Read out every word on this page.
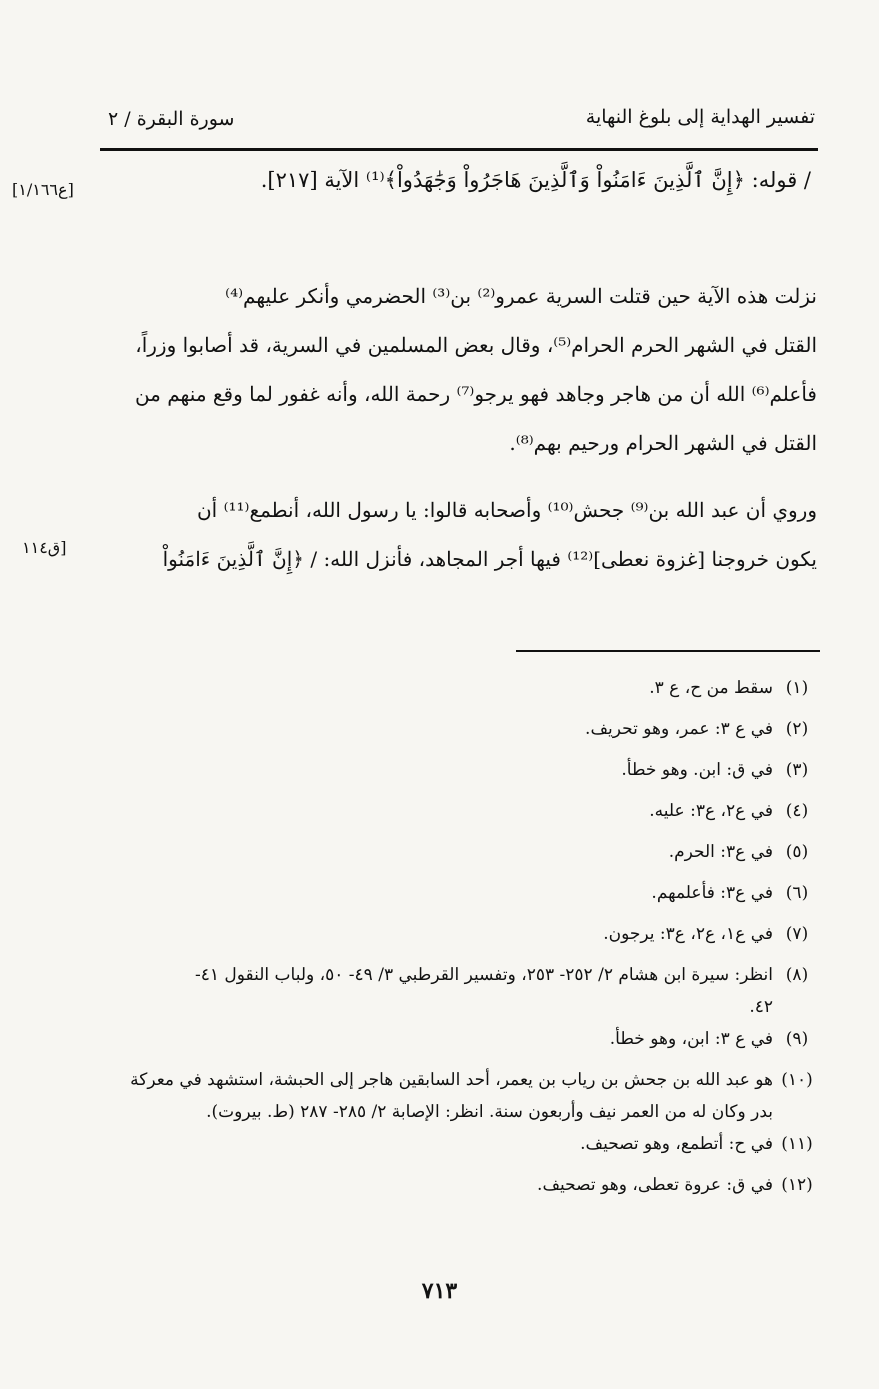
تفسير الهداية إلى بلوغ النهاية
سورة البقرة / ٢
/ قوله: ﴿إِنَّ ٱلَّذِينَ ءَامَنُواْ وَٱلَّذِينَ هَاجَرُواْ وَجَٰهَدُواْ﴾⁽¹⁾ الآية [٢١٧].
[ع١/١٦٦]
نزلت هذه الآية حين قتلت السرية عمرو⁽²⁾ بن⁽³⁾ الحضرمي وأنكر عليهم⁽⁴⁾
القتل في الشهر الحرم الحرام⁽⁵⁾، وقال بعض المسلمين في السرية، قد أصابوا وزراً،
فأعلم⁽⁶⁾ الله أن من هاجر وجاهد فهو يرجو⁽⁷⁾ رحمة الله، وأنه غفور لما وقع منهم من
القتل في الشهر الحرام ورحيم بهم⁽⁸⁾.
وروي أن عبد الله بن⁽⁹⁾ جحش⁽¹⁰⁾ وأصحابه قالوا: يا رسول الله، أنطمع⁽¹¹⁾ أن
يكون خروجنا [غزوة نعطى]⁽¹²⁾ فيها أجر المجاهد، فأنزل الله: / ﴿إِنَّ ٱلَّذِينَ ءَامَنُواْ
[ق١١٤
(١)
سقط من ح، ع ٣.
(٢)
في ع ٣: عمر، وهو تحريف.
(٣)
في ق: ابن. وهو خطأ.
(٤)
في ع٢، ع٣: عليه.
(٥)
في ع٣: الحرم.
(٦)
في ع٣: فأعلمهم.
(٧)
في ع١، ع٢، ع٣: يرجون.
(٨)
انظر: سيرة ابن هشام ٢/ ٢٥٢- ٢٥٣، وتفسير القرطبي ٣/ ٤٩- ٥٠، ولباب النقول ٤١-
٤٢.
(٩)
في ع ٣: ابن، وهو خطأ.
(١٠)
هو عبد الله بن جحش بن رياب بن يعمر، أحد السابقين هاجر إلى الحبشة، استشهد في معركة
بدر وكان له من العمر نيف وأربعون سنة. انظر: الإصابة ٢/ ٢٨٥- ٢٨٧ (ط. بيروت).
(١١)
في ح: أتطمع، وهو تصحيف.
(١٢)
في ق: عروة تعطى، وهو تصحيف.
٧١٣
